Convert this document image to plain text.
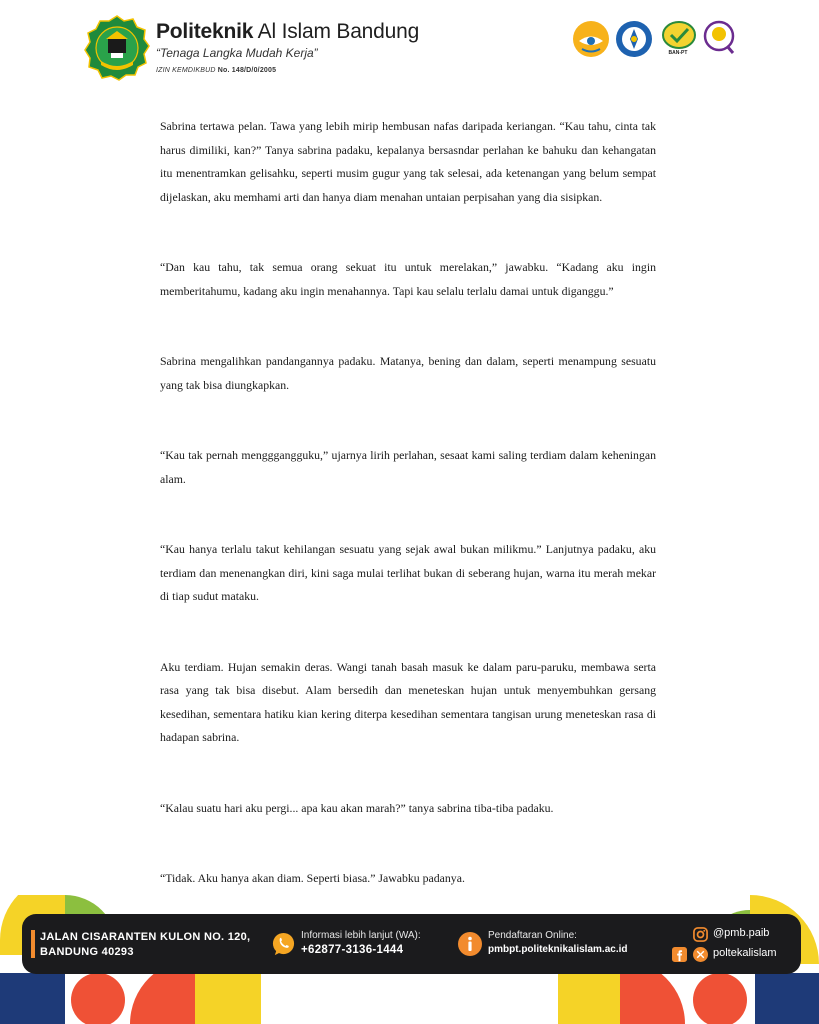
Politeknik Al Islam Bandung
“Tenaga Langka Mudah Kerja”
IZIN KEMDIKBUD No. 148/D/0/2005
BAN-PT

Sabrina tertawa pelan. Tawa yang lebih mirip hembusan nafas daripada keriangan. “Kau tahu, cinta tak harus dimiliki, kan?” Tanya sabrina padaku, kepalanya bersasndar perlahan ke bahuku dan kehangatan itu menentramkan gelisahku, seperti musim gugur yang tak selesai, ada ketenangan yang belum sempat dijelaskan, aku memhami arti dan hanya diam menahan untaian perpisahan yang dia sisipkan.

“Dan kau tahu, tak semua orang sekuat itu untuk merelakan,” jawabku. “Kadang aku ingin memberitahumu, kadang aku ingin menahannya. Tapi kau selalu terlalu damai untuk diganggu.”

Sabrina mengalihkan pandangannya padaku. Matanya, bening dan dalam, seperti menampung sesuatu yang tak bisa diungkapkan.

“Kau tak pernah mengggangguku,” ujarnya lirih perlahan, sesaat kami saling terdiam dalam keheningan alam.

“Kau hanya terlalu takut kehilangan sesuatu yang sejak awal bukan milikmu.” Lanjutnya padaku, aku terdiam dan menenangkan diri, kini saga mulai terlihat bukan di seberang hujan, warna itu merah mekar di tiap sudut mataku.

Aku terdiam. Hujan semakin deras. Wangi tanah basah masuk ke dalam paru-paruku, membawa serta rasa yang tak bisa disebut. Alam bersedih dan meneteskan hujan untuk menyembuhkan gersang kesedihan, sementara hatiku kian kering diterpa kesedihan sementara tangisan urung meneteskan rasa di hadapan sabrina.

“Kalau suatu hari aku pergi... apa kau akan marah?” tanya sabrina tiba-tiba padaku.

“Tidak. Aku hanya akan diam. Seperti biasa.” Jawabku padanya.

JALAN CISARANTEN KULON NO. 120,
BANDUNG 40293
Informasi lebih lanjut (WA):
+62877-3136-1444
Pendaftaran Online:
pmbpt.politeknikalislam.ac.id
@pmb.paib
poltekalislam
